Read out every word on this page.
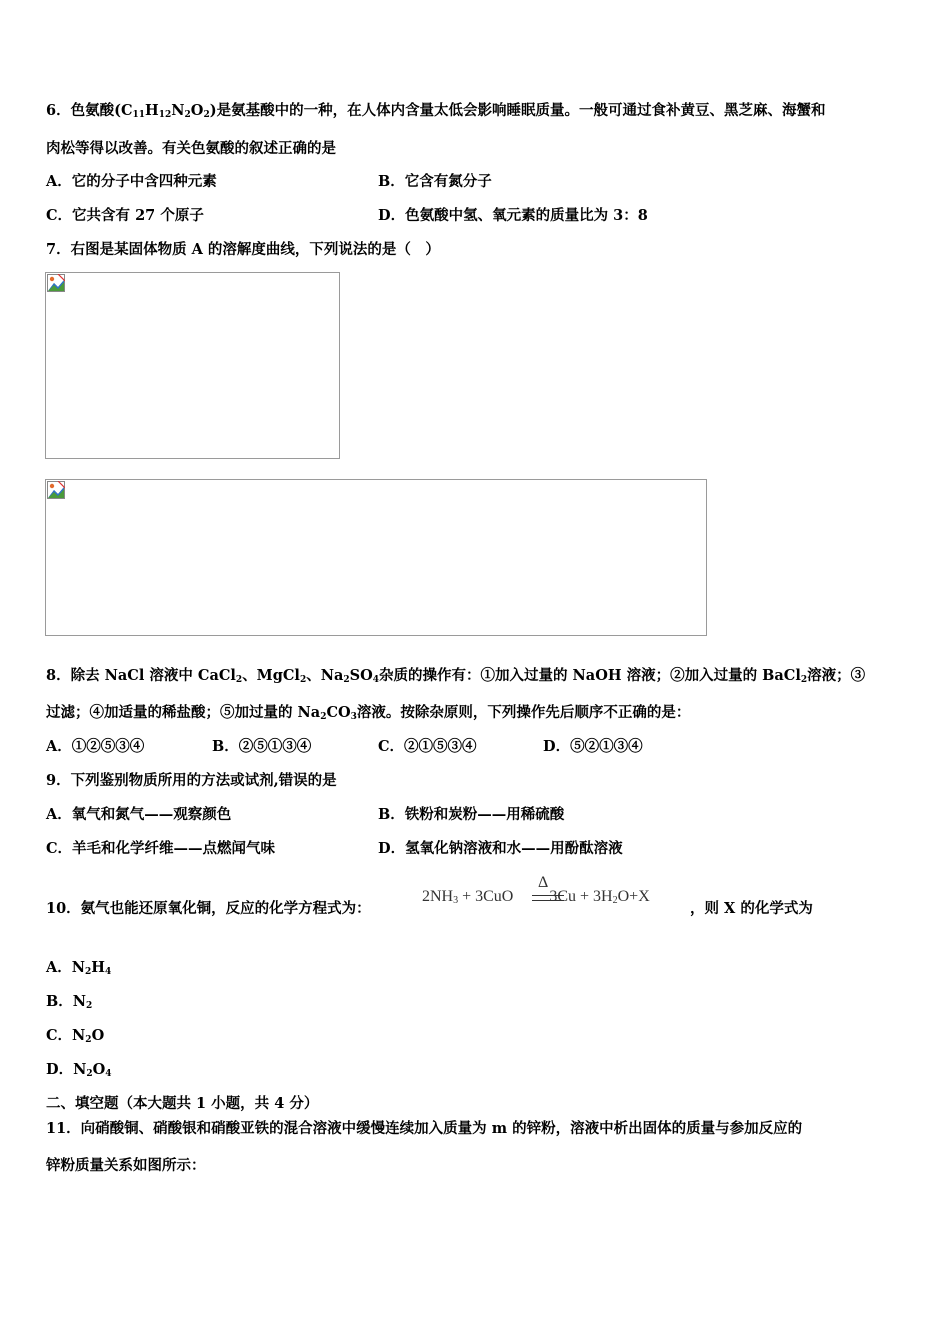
6．色氨酸$(C_{11}H_{12}N_2O_2)$是氨基酸中的一种，在人体内含量太低会影响睡眠质量。一般可通过食补黄豆、黑芝麻、海蟹和
肉松等得以改善。有关色氨酸的叙述正确的是
A．它的分子中含四种元素	B．它含有氮分子
C．它共含有 27 个原子	D．色氨酸中氢、氧元素的质量比为 3：8
7．右图是某固体物质 A 的溶解度曲线，下列说法的是（　）
8．除去 NaCl 溶液中 CaCl$_2$、MgCl$_2$、$Na_2SO_4$杂质的操作有：①加入过量的 NaOH 溶液；②加入过量的 BaCl$_2$溶液；③
过滤；④加适量的稀盐酸；⑤加过量的 $Na_2CO_3$溶液。按除杂原则，下列操作先后顺序不正确的是：
A．①②⑤③④	B．②⑤①③④	C．②①⑤③④	D．⑤②①③④
9．下列鉴别物质所用的方法或试剂,错误的是
A．氧气和氮气——观察颜色	B．铁粉和炭粉——用稀硫酸
C．羊毛和化学纤维——点燃闻气味	D．氢氧化钠溶液和水——用酚酞溶液
10．氨气也能还原氧化铜，反应的化学方程式为：
$2NH_3 + 3CuO$ $3Cu + 3H_2O+X$
Δ
，则 X 的化学式为
A．$N_2H_4$
B．$N_2$
C．$N_2O$
D．$N_2O_4$
二、填空题（本大题共 1 小题，共 4 分）
11．向硝酸铜、硝酸银和硝酸亚铁的混合溶液中缓慢连续加入质量为 m 的锌粉，溶液中析出固体的质量与参加反应的
锌粉质量关系如图所示：
